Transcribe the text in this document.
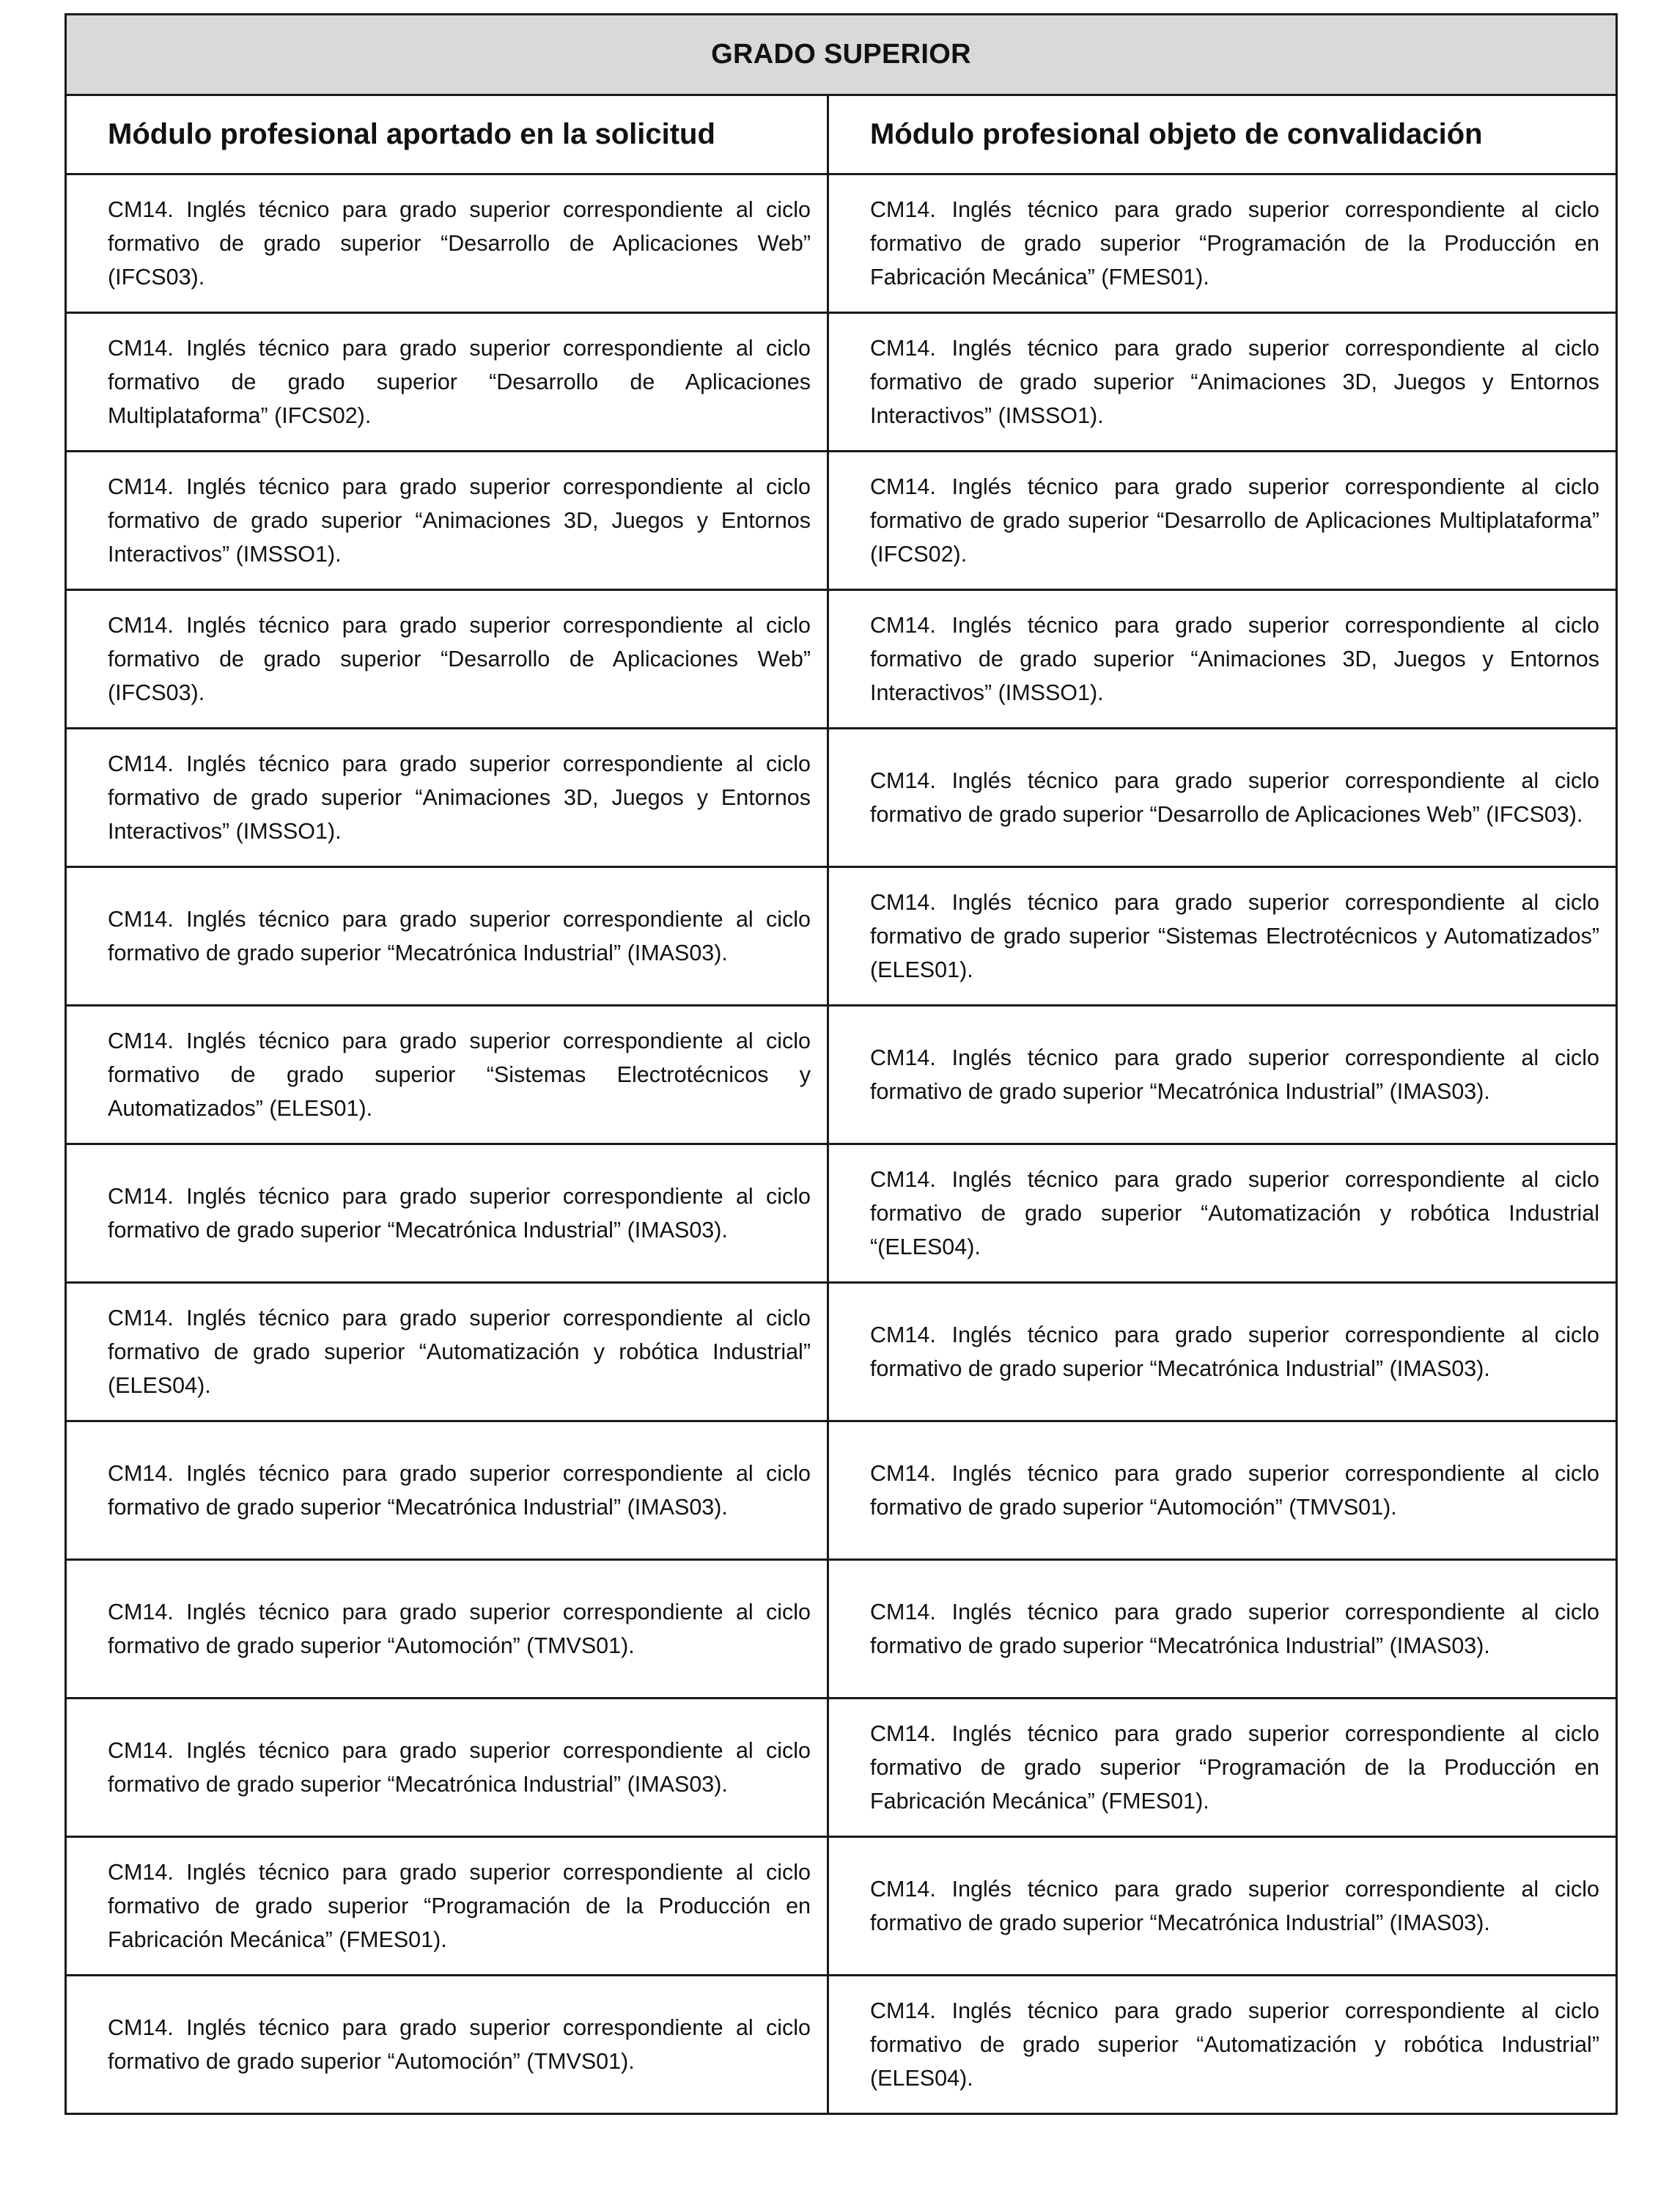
GRADO SUPERIOR	
Módulo profesional aportado en la solicitud	Módulo profesional objeto de convalidación
CM14. Inglés técnico para grado superior correspondiente al ciclo formativo de grado superior “Desarrollo de Aplicaciones Web” (IFCS03).	CM14. Inglés técnico para grado superior correspondiente al ciclo formativo de grado superior “Programación de la Producción en Fabricación Mecánica” (FMES01).
CM14. Inglés técnico para grado superior correspondiente al ciclo formativo de grado superior “Desarrollo de Aplicaciones Multiplataforma” (IFCS02).	CM14. Inglés técnico para grado superior correspondiente al ciclo formativo de grado superior “Animaciones 3D, Juegos y Entornos Interactivos” (IMSSO1).
CM14. Inglés técnico para grado superior correspondiente al ciclo formativo de grado superior “Animaciones 3D, Juegos y Entornos Interactivos” (IMSSO1).	CM14. Inglés técnico para grado superior correspondiente al ciclo formativo de grado superior “Desarrollo de Aplicaciones Multiplataforma” (IFCS02).
CM14. Inglés técnico para grado superior correspondiente al ciclo formativo de grado superior “Desarrollo de Aplicaciones Web” (IFCS03).	CM14. Inglés técnico para grado superior correspondiente al ciclo formativo de grado superior “Animaciones 3D, Juegos y Entornos Interactivos” (IMSSO1).
CM14. Inglés técnico para grado superior correspondiente al ciclo formativo de grado superior “Animaciones 3D, Juegos y Entornos Interactivos” (IMSSO1).	CM14. Inglés técnico para grado superior correspondiente al ciclo formativo de grado superior “Desarrollo de Aplicaciones Web” (IFCS03).
CM14. Inglés técnico para grado superior correspondiente al ciclo formativo de grado superior “Mecatrónica Industrial” (IMAS03).	CM14. Inglés técnico para grado superior correspondiente al ciclo formativo de grado superior “Sistemas Electrotécnicos y Automatizados” (ELES01).
CM14. Inglés técnico para grado superior correspondiente al ciclo formativo de grado superior “Sistemas Electrotécnicos y Automatizados” (ELES01).	CM14. Inglés técnico para grado superior correspondiente al ciclo formativo de grado superior “Mecatrónica Industrial” (IMAS03).
CM14. Inglés técnico para grado superior correspondiente al ciclo formativo de grado superior “Mecatrónica Industrial” (IMAS03).	CM14. Inglés técnico para grado superior correspondiente al ciclo formativo de grado superior “Automatización y robótica Industrial “(ELES04).
CM14. Inglés técnico para grado superior correspondiente al ciclo formativo de grado superior “Automatización y robótica Industrial” (ELES04).	CM14. Inglés técnico para grado superior correspondiente al ciclo formativo de grado superior “Mecatrónica Industrial” (IMAS03).
CM14. Inglés técnico para grado superior correspondiente al ciclo formativo de grado superior “Mecatrónica Industrial” (IMAS03).	CM14. Inglés técnico para grado superior correspondiente al ciclo formativo de grado superior “Automoción” (TMVS01).
CM14. Inglés técnico para grado superior correspondiente al ciclo formativo de grado superior “Automoción” (TMVS01).	CM14. Inglés técnico para grado superior correspondiente al ciclo formativo de grado superior “Mecatrónica Industrial” (IMAS03).
CM14. Inglés técnico para grado superior correspondiente al ciclo formativo de grado superior “Mecatrónica Industrial” (IMAS03).	CM14. Inglés técnico para grado superior correspondiente al ciclo formativo de grado superior “Programación de la Producción en Fabricación Mecánica” (FMES01).
CM14. Inglés técnico para grado superior correspondiente al ciclo formativo de grado superior “Programación de la Producción en Fabricación Mecánica” (FMES01).	CM14. Inglés técnico para grado superior correspondiente al ciclo formativo de grado superior “Mecatrónica Industrial” (IMAS03).
CM14. Inglés técnico para grado superior correspondiente al ciclo formativo de grado superior “Automoción” (TMVS01).	CM14. Inglés técnico para grado superior correspondiente al ciclo formativo de grado superior “Automatización y robótica Industrial” (ELES04).
